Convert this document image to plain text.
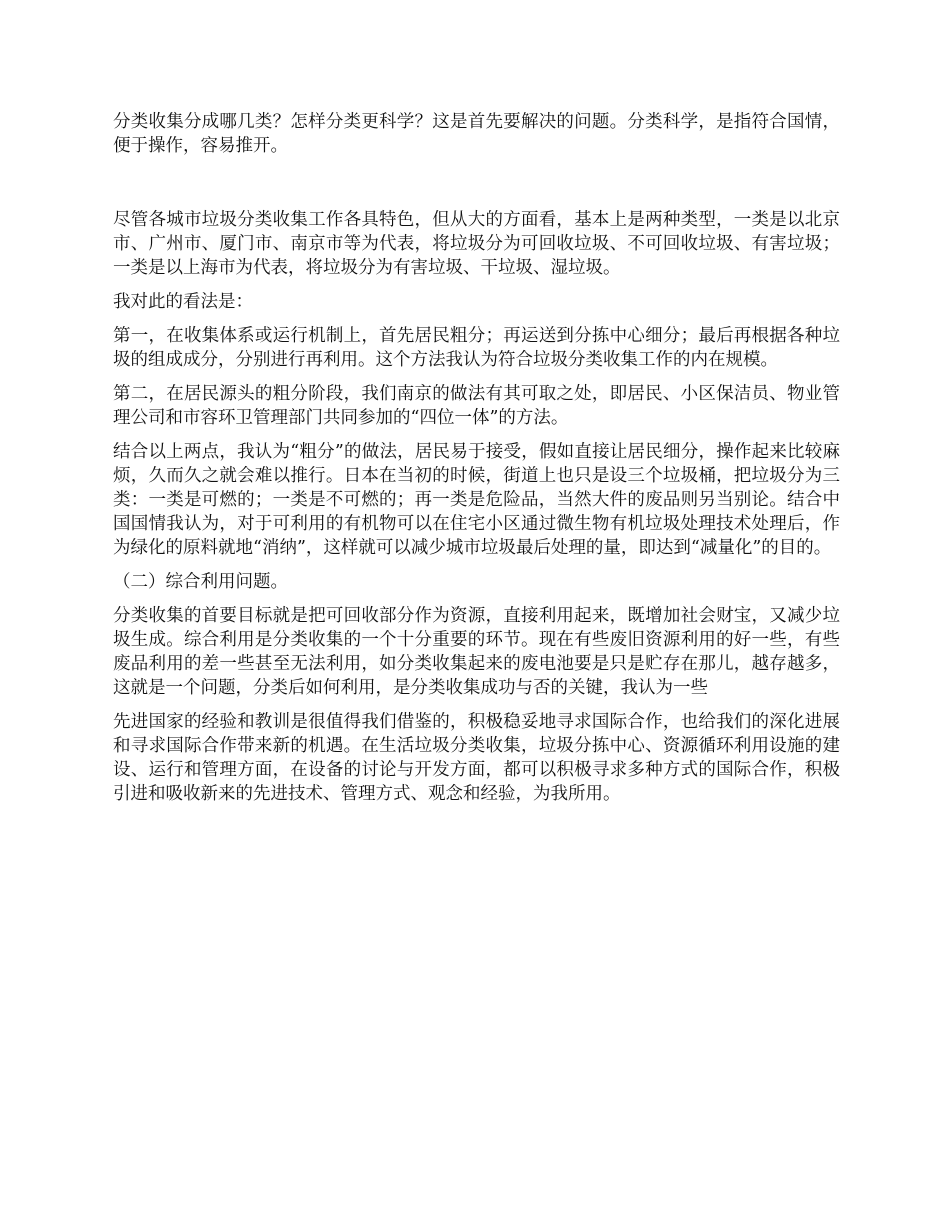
分类收集分成哪几类？怎样分类更科学？这是首先要解决的问题。分类科学，是指符合国情，便于操作，容易推开。

尽管各城市垃圾分类收集工作各具特色，但从大的方面看，基本上是两种类型，一类是以北京市、广州市、厦门市、南京市等为代表，将垃圾分为可回收垃圾、不可回收垃圾、有害垃圾；一类是以上海市为代表，将垃圾分为有害垃圾、干垃圾、湿垃圾。

我对此的看法是：

第一，在收集体系或运行机制上，首先居民粗分；再运送到分拣中心细分；最后再根据各种垃圾的组成成分，分别进行再利用。这个方法我认为符合垃圾分类收集工作的内在规模。

第二，在居民源头的粗分阶段，我们南京的做法有其可取之处，即居民、小区保洁员、物业管理公司和市容环卫管理部门共同参加的“四位一体”的方法。

结合以上两点，我认为“粗分”的做法，居民易于接受，假如直接让居民细分，操作起来比较麻烦，久而久之就会难以推行。日本在当初的时候，街道上也只是设三个垃圾桶，把垃圾分为三类：一类是可燃的；一类是不可燃的；再一类是危险品，当然大件的废品则另当别论。结合中国国情我认为，对于可利用的有机物可以在住宅小区通过微生物有机垃圾处理技术处理后，作为绿化的原料就地“消纳”，这样就可以减少城市垃圾最后处理的量，即达到“减量化”的目的。

（二）综合利用问题。

分类收集的首要目标就是把可回收部分作为资源，直接利用起来，既增加社会财宝，又减少垃圾生成。综合利用是分类收集的一个十分重要的环节。现在有些废旧资源利用的好一些，有些废品利用的差一些甚至无法利用，如分类收集起来的废电池要是只是贮存在那儿，越存越多，这就是一个问题，分类后如何利用，是分类收集成功与否的关键，我认为一些

先进国家的经验和教训是很值得我们借鉴的，积极稳妥地寻求国际合作，也给我们的深化进展和寻求国际合作带来新的机遇。在生活垃圾分类收集，垃圾分拣中心、资源循环利用设施的建设、运行和管理方面，在设备的讨论与开发方面，都可以积极寻求多种方式的国际合作，积极引进和吸收新来的先进技术、管理方式、观念和经验，为我所用。
